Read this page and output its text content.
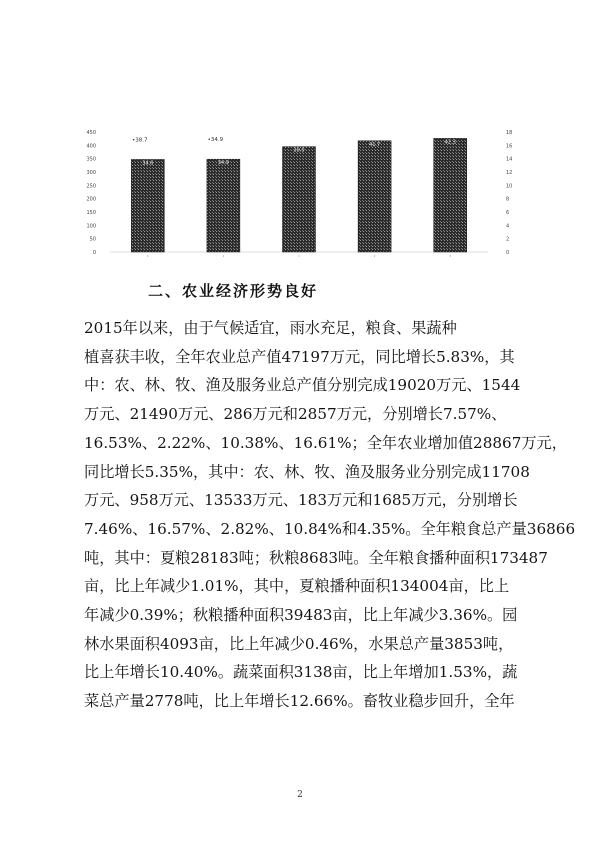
0
50
100
150
200
250
300
350
400
450
0
2
4
6
8
10
12
14
16
18
34.6
•38.7
34.9
•34.9
39.0
41.7	42.3
二、农业经济形势良好
2015年以来，由于气候适宜，雨水充足，粮食、果蔬种
植喜获丰收，全年农业总产值47197万元，同比增长5.83%，其
中：农、林、牧、渔及服务业总产值分别完成19020万元、1544
万元、21490万元、286万元和2857万元，分别增长7.57%、
16.53%、2.22%、10.38%、16.61%；全年农业增加值28867万元，
同比增长5.35%，其中：农、林、牧、渔及服务业分别完成11708
万元、958万元、13533万元、183万元和1685万元，分别增长
7.46%、16.57%、2.82%、10.84%和4.35%。全年粮食总产量36866
吨，其中：夏粮28183吨；秋粮8683吨。全年粮食播种面积173487
亩，比上年减少1.01%，其中，夏粮播种面积134004亩，比上
年减少0.39%；秋粮播种面积39483亩，比上年减少3.36%。园
林水果面积4093亩，比上年减少0.46%，水果总产量3853吨，
比上年增长10.40%。蔬菜面积3138亩，比上年增加1.53%，蔬
菜总产量2778吨，比上年增长12.66%。畜牧业稳步回升，全年
2
